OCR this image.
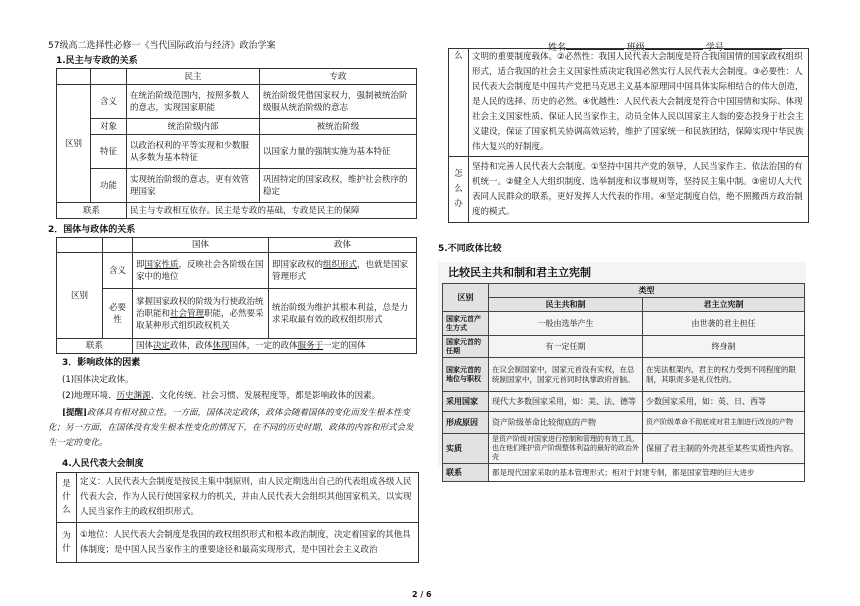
57级高二选择性必修一《当代国际政治与经济》政治学案	姓名	班级	学号
1.民主与专政的关系
		民主	专政
区别	含义	在统治阶级范围内，按照多数人的意志，实现国家职能	统治阶级凭借国家权力，强制被统治阶级服从统治阶级的意志
	对象	统治阶级内部	被统治阶级
	特征	以政治权利的平等实现和少数服从多数为基本特征	以国家力量的强制实施为基本特征
	功能	实现统治阶级的意志，更有效管理国家	巩固特定的国家政权，维护社会秩序的稳定
联系		民主与专政相互依存。民主是专政的基础，专政是民主的保障	
2．国体与政体的关系
		国体	政体
区别	含义	即国家性质，反映社会各阶级在国家中的地位	即国家政权的组织形式，也就是国家管理形式
	必要性	掌握国家政权的阶级为行使政治统治职能和社会管理职能，必然要采取某种形式组织政权机关	统治阶级为维护其根本利益，总是力求采取最有效的政权组织形式
联系		国体决定政体，政体体现国体，一定的政体服务于一定的国体	
3．影响政体的因素
(1)国体决定政体。
(2)地理环境、历史渊源、文化传统、社会习惯、发展程度等，都是影响政体的因素。
[提醒]政体具有相对独立性。一方面，国体决定政体，政体会随着国体的变化而发生根本性变化；另一方面，在国体没有发生根本性变化的情况下，在不同的历史时期，政体的内容和形式会发生一定的变化。
4.人民代表大会制度
是什么	定义：人民代表大会制度是按民主集中制原则，由人民定期选出自己的代表组成各级人民代表大会，作为人民行使国家权力的机关，并由人民代表大会组织其他国家机关，以实现人民当家作主的政权组织形式。
为什	①地位：人民代表大会制度是我国的政权组织形式和根本政治制度，决定着国家的其他具体制度；是中国人民当家作主的重要途径和最高实现形式，是中国社会主义政治
么	文明的重要制度载体。②必然性：我国人民代表大会制度是符合我国国情的国家政权组织形式，适合我国的社会主义国家性质决定我国必然实行人民代表大会制度。③必要性：人民代表大会制度是中国共产党把马克思主义基本原理同中国具体实际相结合的伟大创造，是人民的选择、历史的必然。④优越性：人民代表大会制度是符合中国国情和实际、体现社会主义国家性质、保证人民当家作主，动员全体人民以国家主人翁的姿态投身于社会主义建设，保证了国家机关协调高效运转，维护了国家统一和民族团结，保障实现中华民族伟大复兴的好制度。
怎么办	坚持和完善人民代表大会制度。①坚持中国共产党的领导，人民当家作主、依法治国的有机统一。②健全人大组织制度、选举制度和议事规则等，坚持民主集中制。③密切人大代表同人民群众的联系，更好发挥人大代表的作用。④坚定制度自信，绝不照搬西方政治制度的模式。
5.不同政体比较
比较民主共和制和君主立宪制
区别	类型	
	民主共和制	君主立宪制
国家元首产生方式	一般由选举产生	由世袭的君主担任
国家元首的任期	有一定任期	终身制
国家元首的地位与职权	在议会制国家中，国家元首没有实权，在总统制国家中，国家元首同时执掌政府首脑。	在宪法框架内，君主的权力受到不同程度的限制，其职责多是礼仪性的。
采用国家	现代大多数国家采用，如：美、法、德等	少数国家采用，如：英、日、西等
形成原因	资产阶级革命比较彻底的产物	资产阶级革命不彻底或对君主制进行改良的产物
实质	是资产阶级对国家进行控制和管理的有效工具，也在他们维护资产阶级整体利益的最好的政治外壳	保留了君主制的外壳甚至某些实质性内容。
联系	都是现代国家采取的基本管理形式；相对于封建专制，都是国家管理的巨大进步	
2 / 6
